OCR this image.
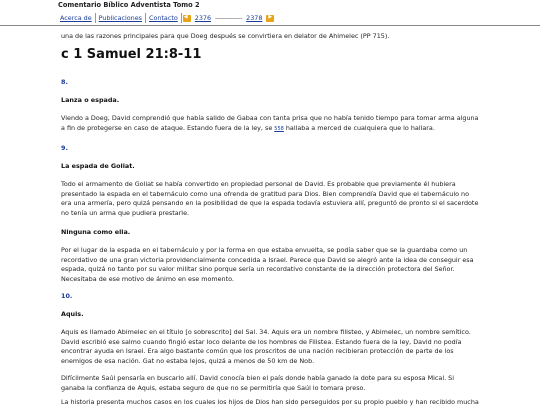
Comentario Bíblico Adventista Tomo 2
Acerca de	Publicaciones	Contacto
◀	2376 --------------- 2378
▶

una de las razones principales para que Doeg después se convirtiera en delator de Ahimelec (PP 715).

c 1 Samuel 21:8-11
8.
Lanza o espada.

Viendo a Doeg, David comprendió que había salido de Gabaa con tanta prisa que no había tenido tiempo para tomar arma alguna a fin de protegerse en caso de ataque. Estando fuera de la ley, se 558 hallaba a merced de cualquiera que lo hallara.

9.
La espada de Goliat.

Todo el armamento de Goliat se había convertido en propiedad personal de David. Es probable que previamente él hubiera presentado la espada en el tabernáculo como una ofrenda de gratitud para Dios. Bien comprendía David que el tabernáculo no era una armería, pero quizá pensando en la posibilidad de que la espada todavía estuviera allí, preguntó de pronto si el sacerdote no tenía un arma que pudiera prestarle.

Ninguna como ella.

Por el lugar de la espada en el tabernáculo y por la forma en que estaba envuelta, se podía saber que se la guardaba como un recordativo de una gran victoria providencialmente concedida a Israel. Parece que David se alegró ante la idea de conseguir esa espada, quizá no tanto por su valor militar sino porque sería un recordativo constante de la dirección protectora del Señor. Necesitaba de ese motivo de ánimo en ese momento.

10.
Aquis.

Aquis es llamado Abimelec en el título [o sobrescrito] del Sal. 34. Aquis era un nombre filisteo, y Abimelec, un nombre semítico. David escribió ese salmo cuando fingió estar loco delante de los hombres de Filistea. Estando fuera de la ley, David no podía encontrar ayuda en Israel. Era algo bastante común que los proscritos de una nación recibieran protección de parte de los enemigos de esa nación. Gat no estaba lejos, quizá a menos de 50 km de Nob.

Difícilmente Saúl pensaría en buscarlo allí. David conocía bien el país donde había ganado la dote para su esposa Mical. Si ganaba la confianza de Aquis, estaba seguro de que no se permitiría que Saúl lo tomara preso.

La historia presenta muchos casos en los cuales los hijos de Dios han sido perseguidos por su propio pueblo y han recibido mucha
